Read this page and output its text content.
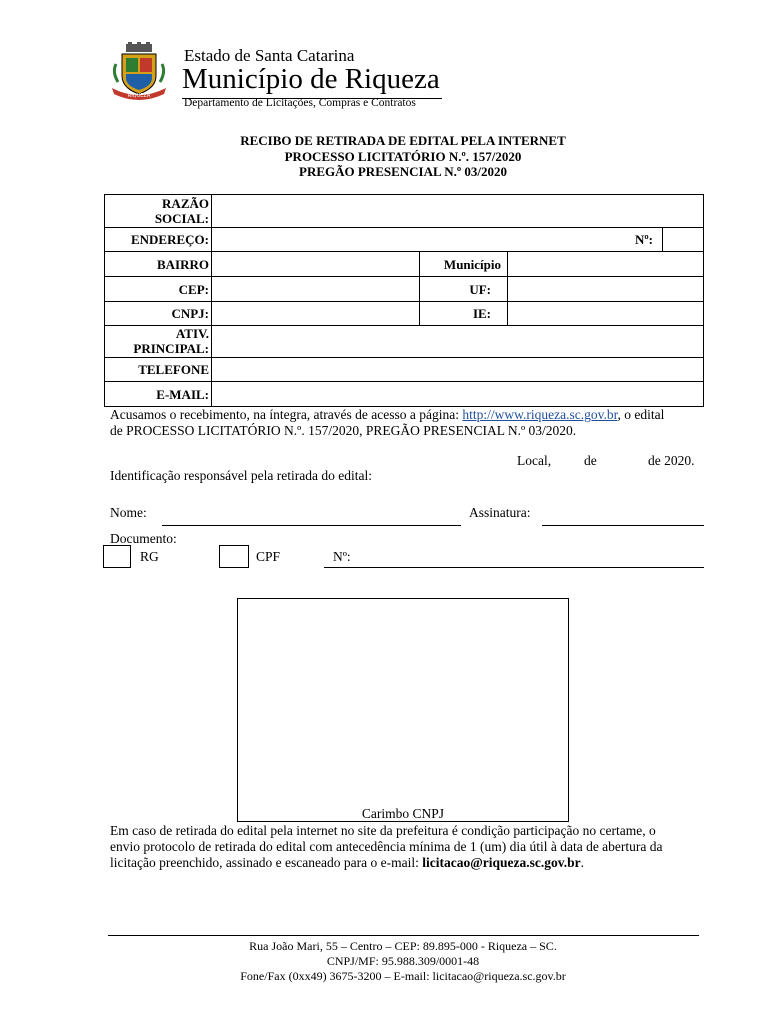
RIQUEZA
Estado de Santa Catarina
Município de Riqueza
Departamento de Licitações, Compras e Contratos
RECIBO DE RETIRADA DE EDITAL PELA INTERNET
PROCESSO LICITATÓRIO N.º. 157/2020
PREGÃO PRESENCIAL N.º 03/2020
RAZÃO
SOCIAL:
ENDEREÇO:	Nº:
BAIRRO	Município
CEP:	UF:
CNPJ:	IE:
ATIV.
PRINCIPAL:
TELEFONE
E-MAIL:
Acusamos o recebimento, na íntegra, através de acesso a página: http://www.riqueza.sc.gov.br, o edital
de PROCESSO LICITATÓRIO N.º. 157/2020, PREGÃO PRESENCIAL N.º 03/2020.
Local, de	de 2020.
Identificação responsável pela retirada do edital:
Nome:	Assinatura:
Documento:
RG	CPF	Nº:
Carimbo CNPJ
Em caso de retirada do edital pela internet no site da prefeitura é condição participação no certame, o
envio protocolo de retirada do edital com antecedência mínima de 1 (um) dia útil à data de abertura da
licitação preenchido, assinado e escaneado para o e-mail: licitacao@riqueza.sc.gov.br.
Rua João Mari, 55 – Centro – CEP: 89.895-000 - Riqueza – SC.
CNPJ/MF: 95.988.309/0001-48
Fone/Fax (0xx49) 3675-3200 – E-mail: licitacao@riqueza.sc.gov.br
